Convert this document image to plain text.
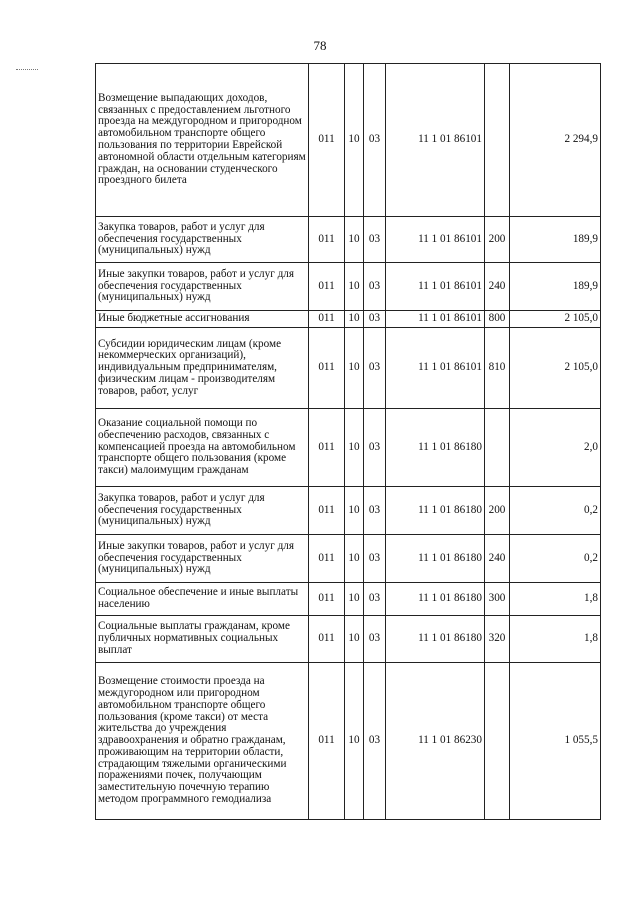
78
Возмещение выпадающих доходов, связанных с предоставлением льготного проезда на междугородном и пригородном автомобильном транспорте общего пользования по территории Еврейской автономной области отдельным категориям граждан, на основании студенческого проездного билета	011	10	03	11 1 01 86101		2 294,9
Закупка товаров, работ и услуг для обеспечения государственных (муниципальных) нужд	011	10	03	11 1 01 86101	200	189,9
Иные закупки товаров, работ и услуг для обеспечения государственных (муниципальных) нужд	011	10	03	11 1 01 86101	240	189,9
Иные бюджетные ассигнования	011	10	03	11 1 01 86101	800	2 105,0
Субсидии юридическим лицам (кроме некоммерческих организаций), индивидуальным предпринимателям, физическим лицам - производителям товаров, работ, услуг	011	10	03	11 1 01 86101	810	2 105,0
Оказание социальной помощи по обеспечению расходов, связанных с компенсацией проезда на автомобильном транспорте общего пользования (кроме такси) малоимущим гражданам	011	10	03	11 1 01 86180		2,0
Закупка товаров, работ и услуг для обеспечения государственных (муниципальных) нужд	011	10	03	11 1 01 86180	200	0,2
Иные закупки товаров, работ и услуг для обеспечения государственных (муниципальных) нужд	011	10	03	11 1 01 86180	240	0,2
Социальное обеспечение и иные выплаты населению	011	10	03	11 1 01 86180	300	1,8
Социальные выплаты гражданам, кроме публичных нормативных социальных выплат	011	10	03	11 1 01 86180	320	1,8
Возмещение стоимости проезда на междугородном или пригородном автомобильном транспорте общего пользования (кроме такси) от места жительства до учреждения здравоохранения и обратно гражданам, проживающим на территории области, страдающим тяжелыми органическими поражениями почек, получающим заместительную почечную терапию методом программного гемодиализа	011	10	03	11 1 01 86230		1 055,5
